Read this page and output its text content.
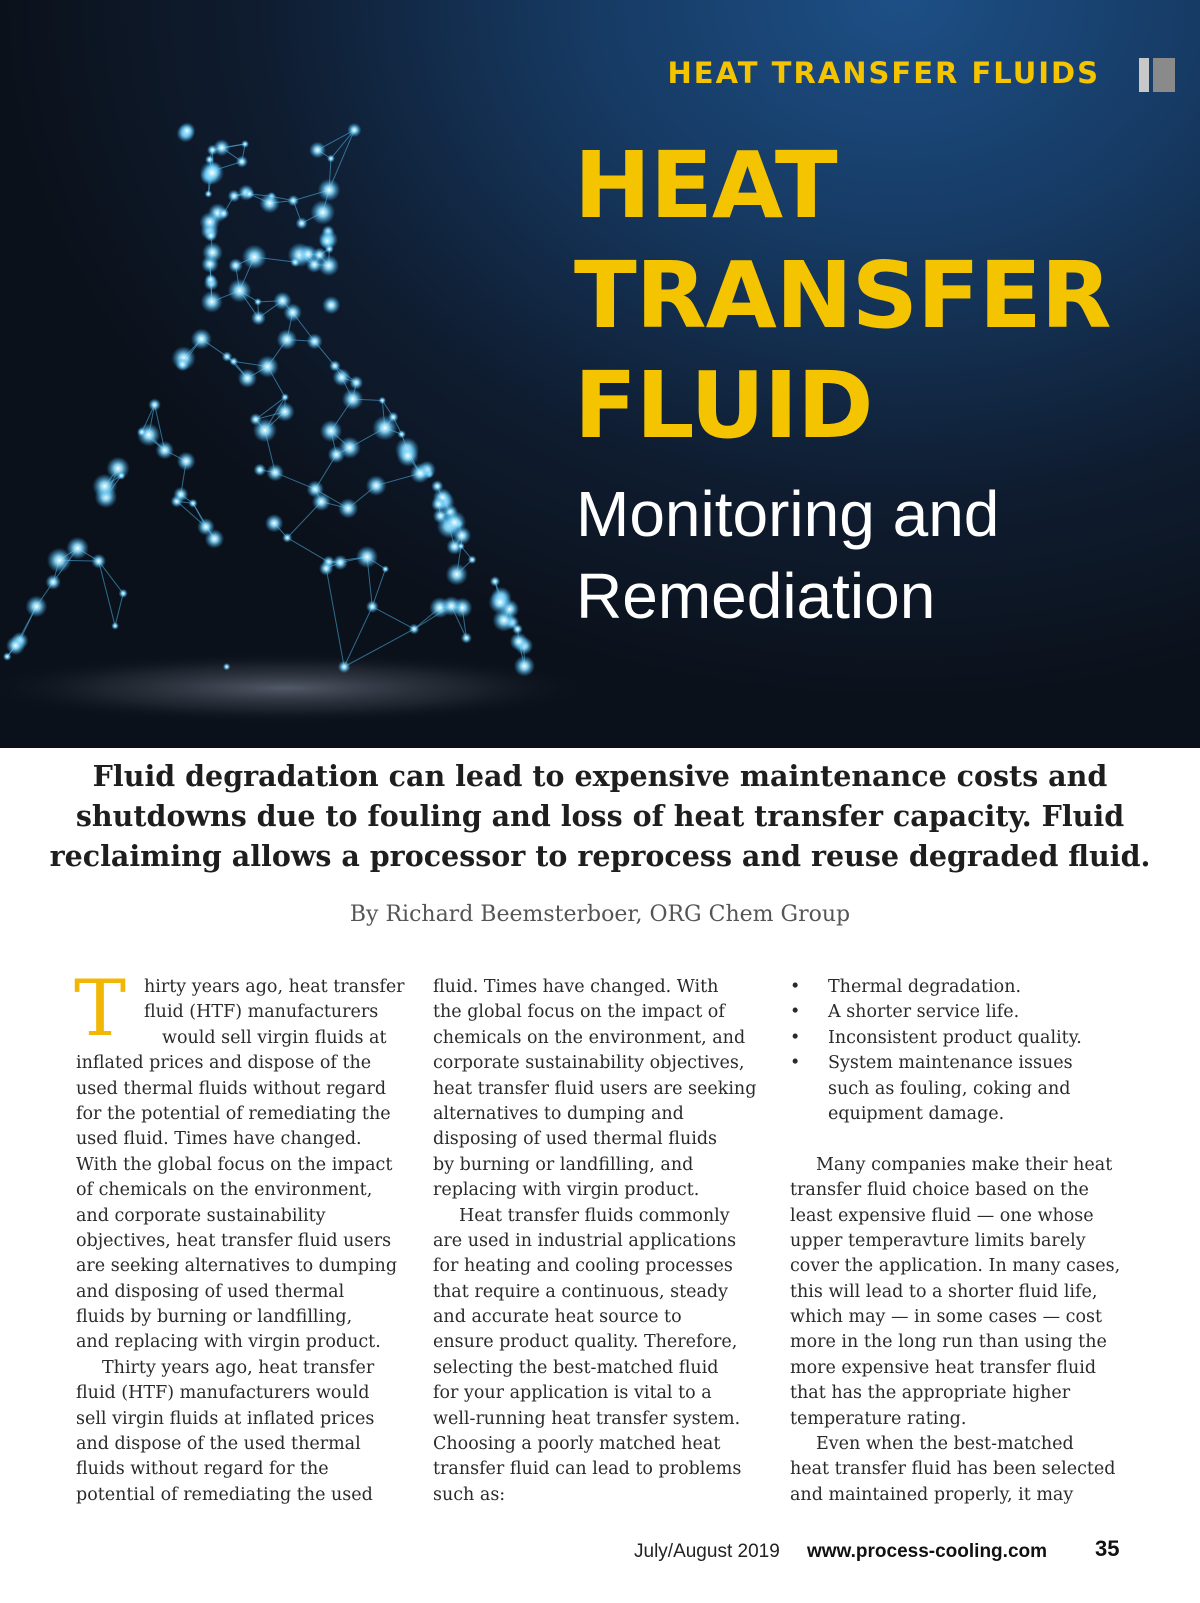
HEAT TRANSFER FLUIDS
HEAT
TRANSFER
FLUID
Monitoring and
Remediation
Fluid degradation can lead to expensive maintenance costs and
shutdowns due to fouling and loss of heat transfer capacity. Fluid
reclaiming allows a processor to reprocess and reuse degraded fluid.
By Richard Beemsterboer, ORG Chem Group
T	hirty years ago, heat transfer
fluid (HTF) manufacturers
would sell virgin fluids at
inflated prices and dispose of the
used thermal fluids without regard
for the potential of remediating the
used fluid. Times have changed.
With the global focus on the impact
of chemicals on the environment,
and corporate sustainability
objectives, heat transfer fluid users
are seeking alternatives to dumping
and disposing of used thermal
fluids by burning or landfilling,
and replacing with virgin product.
Thirty years ago, heat transfer
fluid (HTF) manufacturers would
sell virgin fluids at inflated prices
and dispose of the used thermal
fluids without regard for the
potential of remediating the used
fluid. Times have changed. With
the global focus on the impact of
chemicals on the environment, and
corporate sustainability objectives,
heat transfer fluid users are seeking
alternatives to dumping and
disposing of used thermal fluids
by burning or landfilling, and
replacing with virgin product.
Heat transfer fluids commonly
are used in industrial applications
for heating and cooling processes
that require a continuous, steady
and accurate heat source to
ensure product quality. Therefore,
selecting the best-matched fluid
for your application is vital to a
well-running heat transfer system.
Choosing a poorly matched heat
transfer fluid can lead to problems
such as:
• Thermal degradation.
• A shorter service life.
• Inconsistent product quality.
• System maintenance issues
such as fouling, coking and
equipment damage.
Many companies make their heat
transfer fluid choice based on the
least expensive fluid — one whose
upper temperavture limits barely
cover the application. In many cases,
this will lead to a shorter fluid life,
which may — in some cases — cost
more in the long run than using the
more expensive heat transfer fluid
that has the appropriate higher
temperature rating.
Even when the best-matched
heat transfer fluid has been selected
and maintained properly, it may
July/August 2019 www.process-cooling.com 35
